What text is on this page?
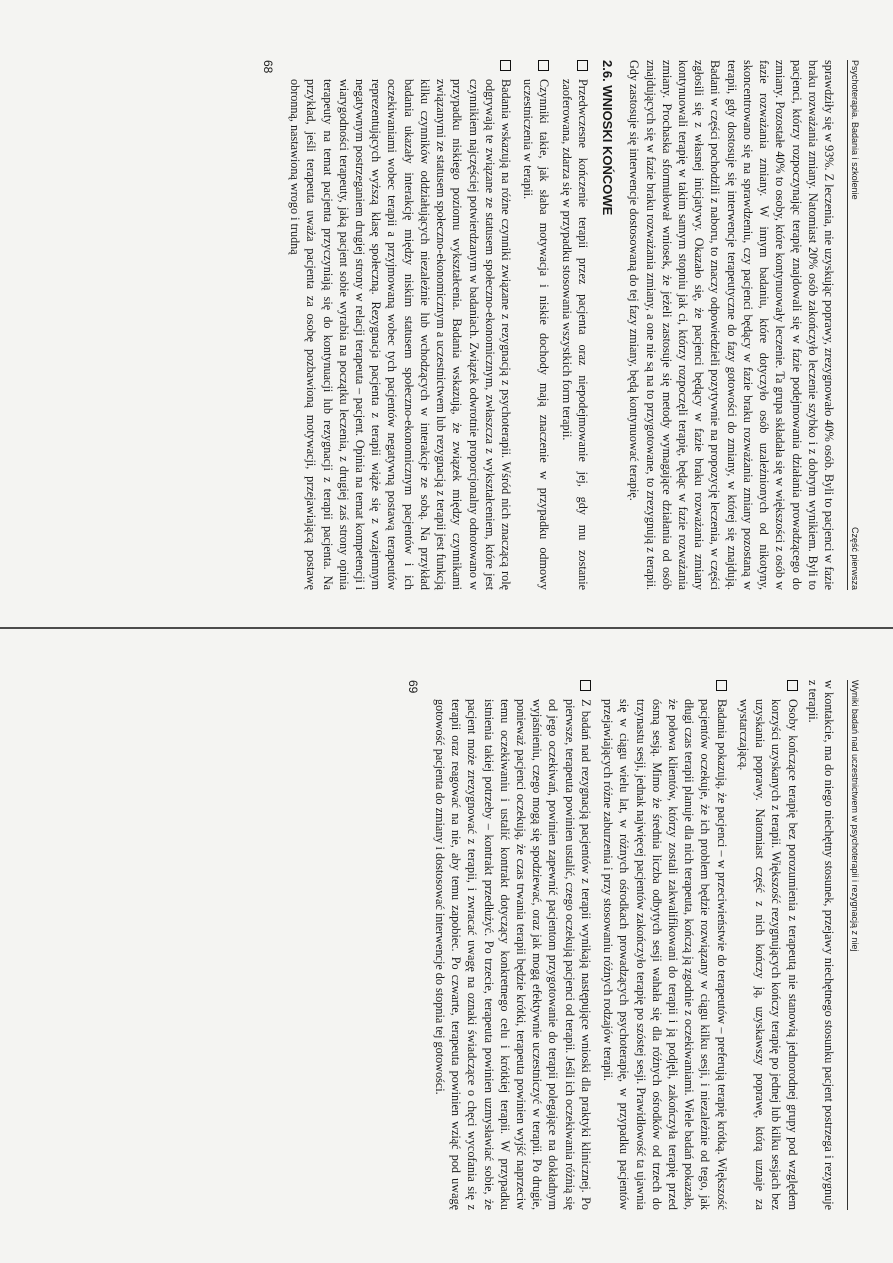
Psychoterapia. Badania i szkolenie
Część pierwsza

sprawdziły się w 93%. Z leczenia, nie uzyskując poprawy, zrezygnowało 40% osób. Byli to pacjenci w fazie braku rozważania zmiany. Natomiast 20% osób zakończyło leczenie szybko i z dobrym wynikiem. Byli to pacjenci, którzy rozpoczynając terapię znajdowali się w fazie podejmowania działania prowadzącego do zmiany. Pozostałe 40% to osoby, które kontynuowały leczenie. Ta grupa składała się w większości z osób w fazie rozważania zmiany. W innym badaniu, które dotyczyło osób uzależnionych od nikotyny, skoncentrowano się na sprawdzeniu, czy pacjenci będący w fazie braku rozważania zmiany pozostaną w terapii, gdy dostosuje się interwencje terapeutyczne do fazy gotowości do zmiany, w której się znajdują. Badani w części pochodzili z naboru, to znaczy odpowiedzieli pozytywnie na propozycję leczenia, w części zgłosili się z własnej inicjatywy. Okazało się, że pacjenci będący w fazie braku rozważania zmiany kontynuowali terapię w takim samym stopniu jak ci, którzy rozpoczęli terapię, będąc w fazie rozważania zmiany. Prochaska sformułował wniosek, że jeżeli zastosuje się metody wymagające działania od osób znajdujących się w fazie braku rozważania zmiany, a one nie są na to przygotowane, to zrezygnują z terapii. Gdy zastosuje się interwencje dostosowaną do tej fazy zmiany, będą kontynuować terapię.

2.6. WNIOSKI KOŃCOWE
Przedwczesne kończenie terapii przez pacjenta oraz niepodejmowanie jej, gdy mu zostanie zaoferowana, zdarza się w przypadku stosowania wszystkich form terapii.
Czynniki takie, jak słaba motywacja i niskie dochody mają znaczenie w przypadku odmowy uczestniczenia w terapii.
Badania wskazują na różne czynniki związane z rezygnacją z psychoterapii. Wśród nich znaczącą rolę odgrywają te związane ze statusem społeczno-ekonomicznym, zwłaszcza z wykształceniem, które jest czynnikiem najczęściej potwierdzanym w badaniach. Związek odwrotnie proporcjonalny odnotowano w przypadku niskiego poziomu wykształcenia. Badania wskazują, że związek między czynnikami związanymi ze statusem społeczno-ekonomicznym a uczestnictwem lub rezygnacją z terapii jest funkcją kilku czynników oddziałujących niezależnie lub wchodzących w interakcje ze sobą. Na przykład badania ukazały interakcję między niskim statusem społeczno-ekonomicznym pacjentów i ich oczekiwaniami wobec terapii a przyjmowaną wobec tych pacjentów negatywną postawą terapeutów reprezentujących wyższą klasę społeczną. Rezygnacja pacjenta z terapii wiąże się z wzajemnym negatywnym postrzeganiem drugiej strony w relacji terapeuta – pacjent. Opinia na temat kompetencji i wiarygodności terapeuty, jaką pacjent sobie wyrabia na początku leczenia, z drugiej zaś strony opinia terapeuty na temat pacjenta przyczyniają się do kontynuacji lub rezygnacji z terapii pacjenta. Na przykład, jeśli terapeuta uważa pacjenta za osobę pozbawioną motywacji, przejawiającą postawę obronną, nastawioną wrogo i trudną
68
Wyniki badań nad uczestnictwem w psychoterapii i rezygnacją z niej

w kontakcie, ma do niego niechętny stosunek, przejawy niechętnego stosunku pacjent postrzega i rezygnuje z terapii.

Osoby kończące terapię bez porozumienia z terapeutą nie stanowią jednorodnej grupy pod względem korzyści uzyskanych z terapii. Większość rezygnujących kończy terapię po jednej lub kilku sesjach bez uzyskania poprawy. Natomiast część z nich kończy ją, uzyskawszy poprawę, którą uznaje za wystarczającą.
Badania pokazują, że pacjenci – w przeciwieństwie do terapeutów – preferują terapię krótką. Większość pacjentów oczekuje, że ich problem będzie rozwiązany w ciągu kilku sesji, i niezależnie od tego, jak długi czas terapii planuje dla nich terapeuta, kończą ją zgodnie z oczekiwaniami. Wiele badań pokazało, że połowa klientów, którzy zostali zakwalifikowani do terapii i ją podjęli, zakończyła terapię przed ósmą sesją. Mimo że średnia liczba odbytych sesji wahała się dla różnych ośrodków od trzech do trzynastu sesji, jednak najwięcej pacjentów zakończyło terapię po szóstej sesji. Prawidłowość ta ujawnia się w ciągu wielu lat, w różnych ośrodkach prowadzących psychoterapię, w przypadku pacjentów przejawiających różne zaburzenia i przy stosowaniu różnych rodzajów terapii.
Z badań nad rezygnacją pacjentów z terapii wynikają następujące wnioski dla praktyki klinicznej. Po pierwsze, terapeuta powinien ustalić, czego oczekują pacjenci od terapii. Jeśli ich oczekiwania różnią się od jego oczekiwań, powinien zapewnić pacjentom przygotowanie do terapii polegające na dokładnym wyjaśnieniu, czego mogą się spodziewać, oraz jak mogą efektywnie uczestniczyć w terapii. Po drugie, ponieważ pacjenci oczekują, że czas trwania terapii będzie krótki, terapeuta powinien wyjść naprzeciw temu oczekiwaniu i ustalić kontrakt dotyczący konkretnego celu i krótkiej terapii. W przypadku istnienia takiej potrzeby – kontrakt przedłużyć. Po trzecie, terapeuta powinien uzmysławiać sobie, że pacjent może zrezygnować z terapii, i zwracać uwagę na oznaki świadczące o chęci wycofania się z terapii oraz reagować na nie, aby temu zapobiec. Po czwarte, terapeuta powinien wziąć pod uwagę gotowość pacjenta do zmiany i dostosować interwencje do stopnia tej gotowości.
69
